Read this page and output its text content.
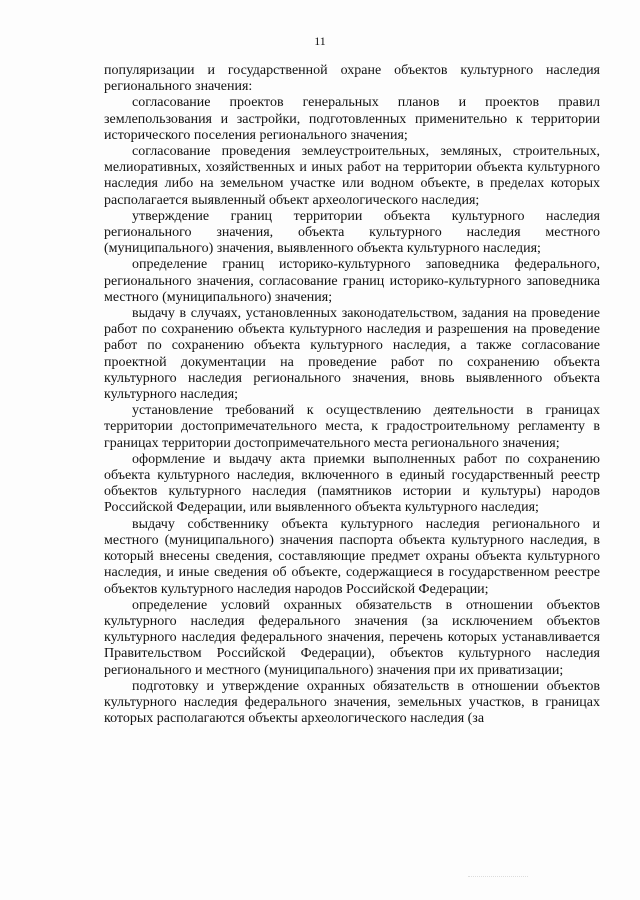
11

популяризации и государственной охране объектов культурного наследия регионального значения:

согласование проектов генеральных планов и проектов правил землепользования и застройки, подготовленных применительно к территории исторического поселения регионального значения;

согласование проведения землеустроительных, земляных, строительных, мелиоративных, хозяйственных и иных работ на территории объекта культурного наследия либо на земельном участке или водном объекте, в пределах которых располагается выявленный объект археологического наследия;

утверждение границ территории объекта культурного наследия регионального значения, объекта культурного наследия местного (муниципального) значения, выявленного объекта культурного наследия;

определение границ историко-культурного заповедника федерального, регионального значения, согласование границ историко-культурного заповедника местного (муниципального) значения;

выдачу в случаях, установленных законодательством, задания на проведение работ по сохранению объекта культурного наследия и разрешения на проведение работ по сохранению объекта культурного наследия, а также согласование проектной документации на проведение работ по сохранению объекта культурного наследия регионального значения, вновь выявленного объекта культурного наследия;

установление требований к осуществлению деятельности в границах территории достопримечательного места, к градостроительному регламенту в границах территории достопримечательного места регионального значения;

оформление и выдачу акта приемки выполненных работ по сохранению объекта культурного наследия, включенного в единый государственный реестр объектов культурного наследия (памятников истории и культуры) народов Российской Федерации, или выявленного объекта культурного наследия;

выдачу собственнику объекта культурного наследия регионального и местного (муниципального) значения паспорта объекта культурного наследия, в который внесены сведения, составляющие предмет охраны объекта культурного наследия, и иные сведения об объекте, содержащиеся в государственном реестре объектов культурного наследия народов Российской Федерации;

определение условий охранных обязательств в отношении объектов культурного наследия федерального значения (за исключением объектов культурного наследия федерального значения, перечень которых устанавливается Правительством Российской Федерации), объектов культурного наследия регионального и местного (муниципального) значения при их приватизации;

подготовку и утверждение охранных обязательств в отношении объектов культурного наследия федерального значения, земельных участков, в границах которых располагаются объекты археологического наследия (за
